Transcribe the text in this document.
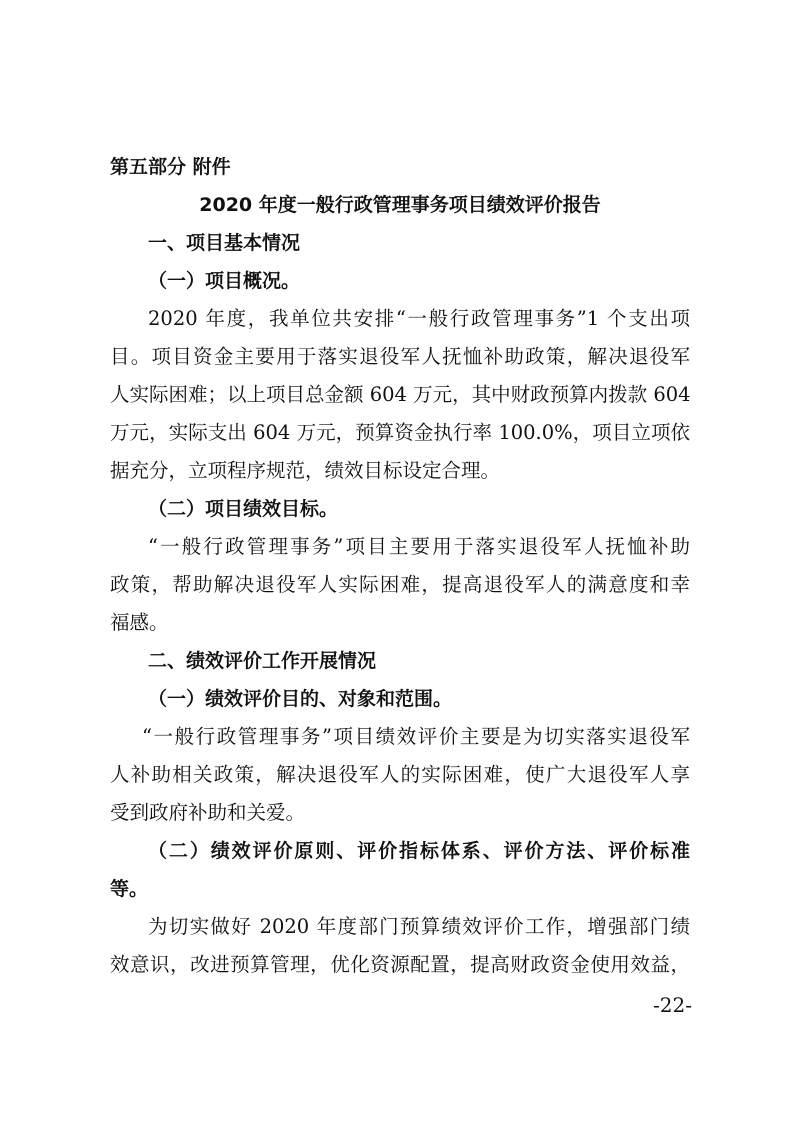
第五部分 附件
2020 年度一般行政管理事务项目绩效评价报告
一、项目基本情况
（一）项目概况。
2020 年度，我单位共安排“一般行政管理事务”1 个支出项
目。项目资金主要用于落实退役军人抚恤补助政策，解决退役军
人实际困难；以上项目总金额 604 万元，其中财政预算内拨款 604
万元，实际支出 604 万元，预算资金执行率 100.0%，项目立项依
据充分，立项程序规范，绩效目标设定合理。
（二）项目绩效目标。
“一般行政管理事务”项目主要用于落实退役军人抚恤补助
政策，帮助解决退役军人实际困难，提高退役军人的满意度和幸
福感。
二、绩效评价工作开展情况
（一）绩效评价目的、对象和范围。
“一般行政管理事务”项目绩效评价主要是为切实落实退役军
人补助相关政策，解决退役军人的实际困难，使广大退役军人享
受到政府补助和关爱。
（二）绩效评价原则、评价指标体系、评价方法、评价标准
等。
为切实做好 2020 年度部门预算绩效评价工作，增强部门绩
效意识，改进预算管理，优化资源配置，提高财政资金使用效益，
-22-
